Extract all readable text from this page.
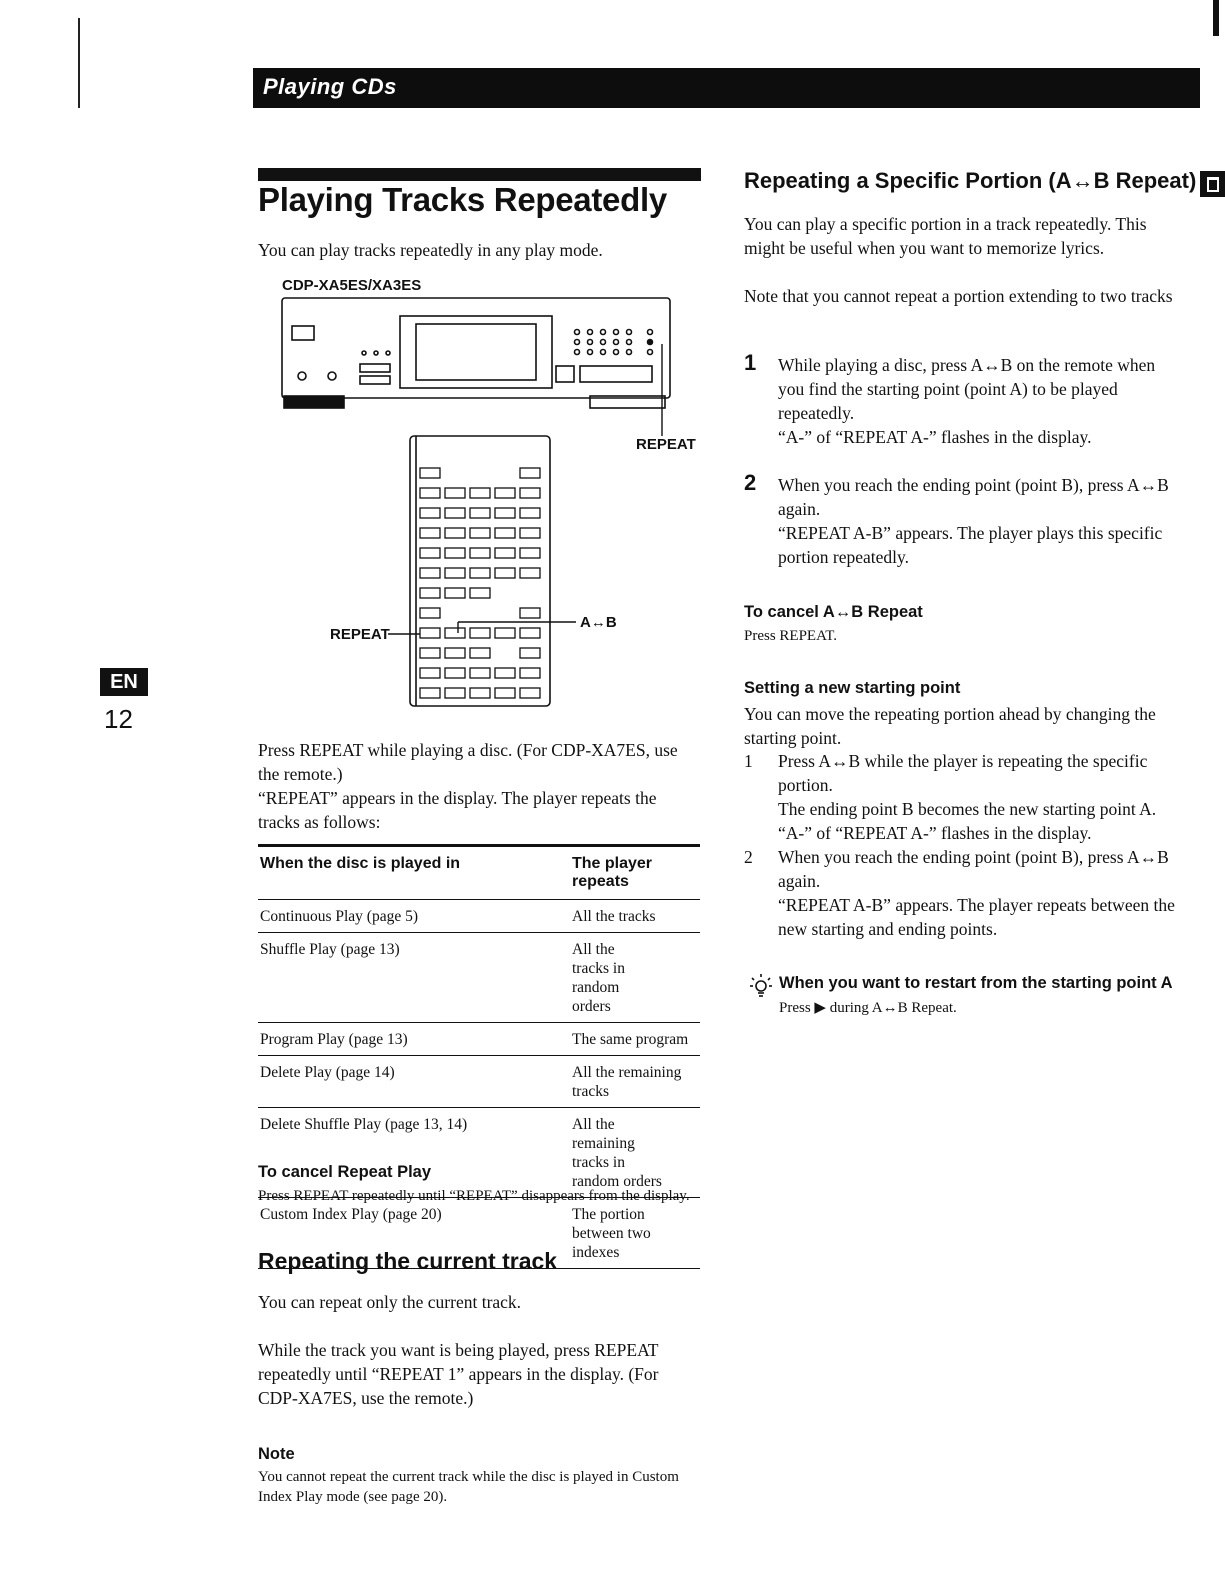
Playing CDs
EN
12
Playing Tracks Repeatedly
You can play tracks repeatedly in any play mode.
CDP-XA5ES/XA3ES
REPEAT
REPEAT
A↔B
Press REPEAT while playing a disc. (For CDP-XA7ES, use the remote.)
“REPEAT” appears in the display. The player repeats the tracks as follows:
When the disc is played in	The player repeats
Continuous Play (page 5)	All the tracks
Shuffle Play (page 13)	All the tracks in random orders
Program Play (page 13)	The same program
Delete Play (page 14)	All the remaining tracks
Delete Shuffle Play (page 13, 14)	All the remaining tracks in random orders
Custom Index Play (page 20)	The portion between two indexes
To cancel Repeat Play
Press REPEAT repeatedly until “REPEAT” disappears from the display.
Repeating the current track
You can repeat only the current track.
While the track you want is being played, press REPEAT repeatedly until “REPEAT 1” appears in the display. (For CDP-XA7ES, use the remote.)
Note
You cannot repeat the current track while the disc is played in Custom Index Play mode (see page 20).
Repeating a Specific Portion (A↔B Repeat)
You can play a specific portion in a track repeatedly. This might be useful when you want to memorize lyrics.
Note that you cannot repeat a portion extending to two tracks
1 While playing a disc, press A↔B on the remote when you find the starting point (point A) to be played repeatedly.
“A-” of “REPEAT A-” flashes in the display.
2 When you reach the ending point (point B), press A↔B again.
“REPEAT A-B” appears. The player plays this specific portion repeatedly.
To cancel A↔B Repeat
Press REPEAT.
Setting a new starting point
You can move the repeating portion ahead by changing the starting point.
1 Press A↔B while the player is repeating the specific portion.
The ending point B becomes the new starting point A. “A-” of “REPEAT A-” flashes in the display.
2 When you reach the ending point (point B), press A↔B again.
“REPEAT A-B” appears. The player repeats between the new starting and ending points.
When you want to restart from the starting point A
Press ▶ during A↔B Repeat.
